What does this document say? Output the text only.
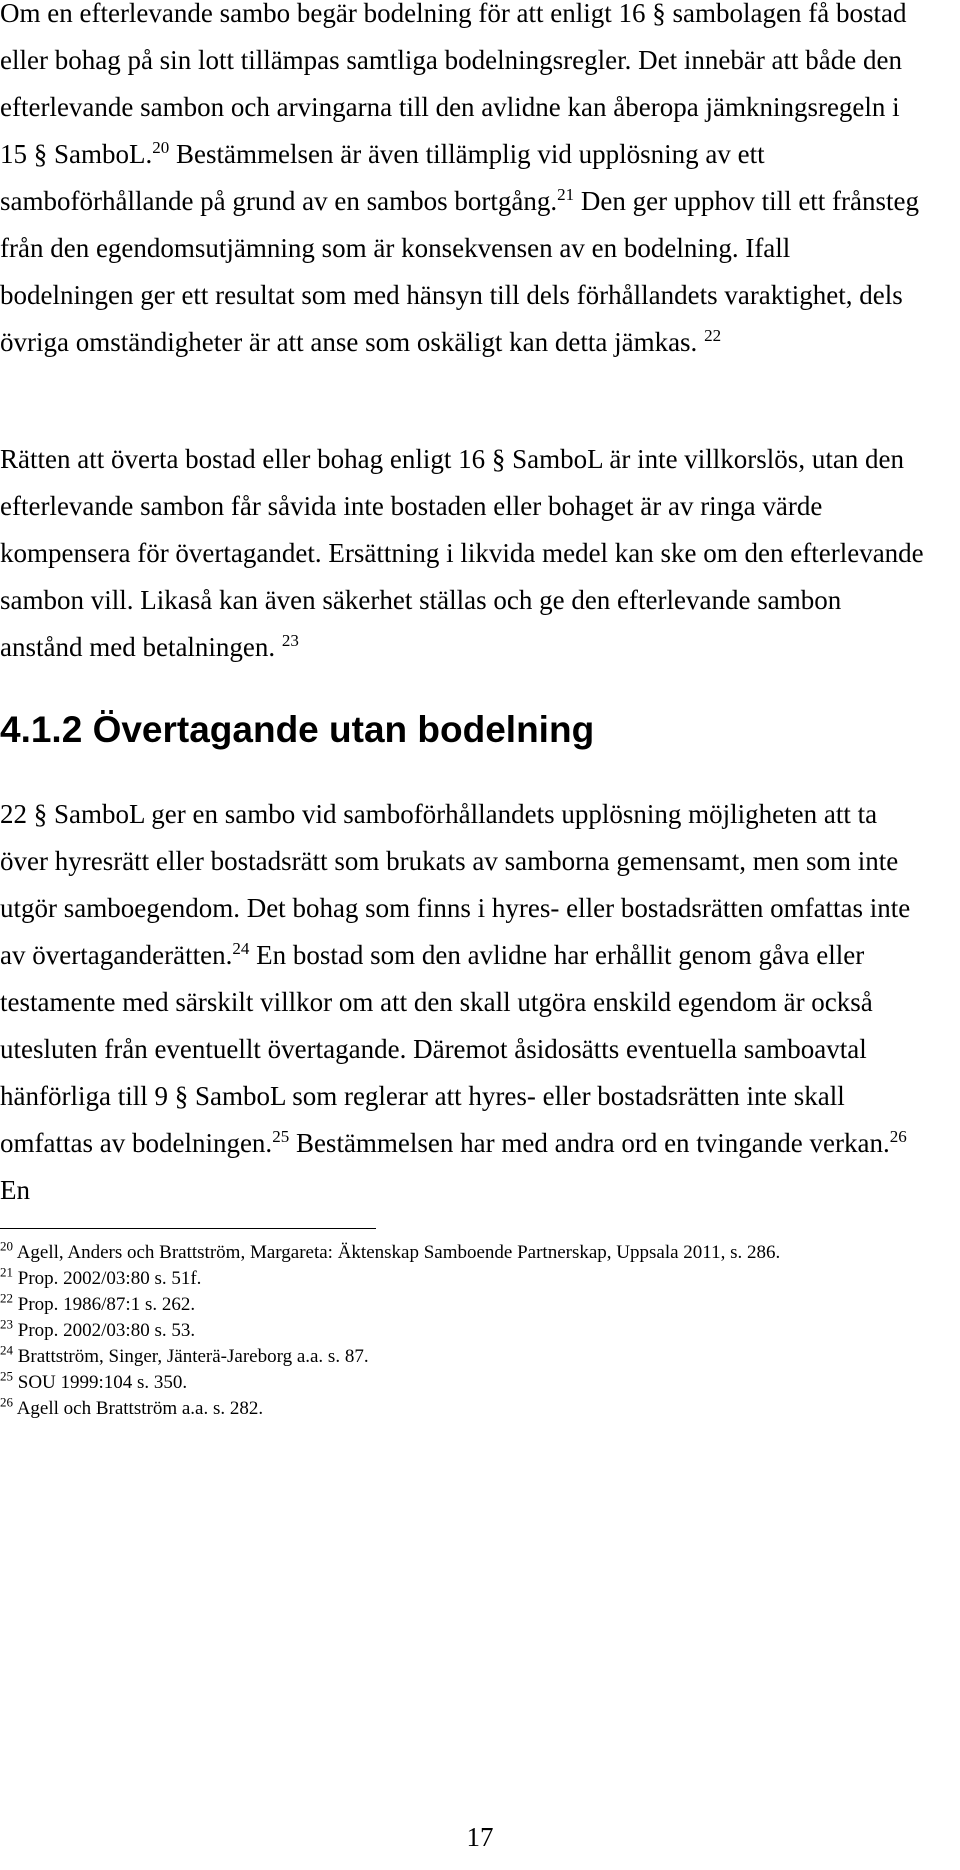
Om en efterlevande sambo begär bodelning för att enligt 16 § sambolagen få bostad eller bohag på sin lott tillämpas samtliga bodelningsregler. Det innebär att både den efterlevande sambon och arvingarna till den avlidne kan åberopa jämkningsregeln i 15 § SamboL.$^{20}$ Bestämmelsen är även tillämplig vid upplösning av ett samboförhållande på grund av en sambos bortgång.$^{21}$ Den ger upphov till ett frånsteg från den egendomsutjämning som är konsekvensen av en bodelning. Ifall bodelningen ger ett resultat som med hänsyn till dels förhållandets varaktighet, dels övriga omständigheter är att anse som oskäligt kan detta jämkas. $^{22}$

Rätten att överta bostad eller bohag enligt 16 § SamboL är inte villkorslös, utan den efterlevande sambon får såvida inte bostaden eller bohaget är av ringa värde kompensera för övertagandet. Ersättning i likvida medel kan ske om den efterlevande sambon vill. Likaså kan även säkerhet ställas och ge den efterlevande sambon anstånd med betalningen. $^{23}$

4.1.2 Övertagande utan bodelning

22 § SamboL ger en sambo vid samboförhållandets upplösning möjligheten att ta över hyresrätt eller bostadsrätt som brukats av samborna gemensamt, men som inte utgör samboegendom. Det bohag som finns i hyres- eller bostadsrätten omfattas inte av övertaganderätten.$^{24}$ En bostad som den avlidne har erhållit genom gåva eller testamente med särskilt villkor om att den skall utgöra enskild egendom är också utesluten från eventuellt övertagande. Däremot åsidosätts eventuella samboavtal hänförliga till 9 § SamboL som reglerar att hyres- eller bostadsrätten inte skall omfattas av bodelningen.$^{25}$ Bestämmelsen har med andra ord en tvingande verkan.$^{26}$ En

$^{20}$ Agell, Anders och Brattström, Margareta: Äktenskap Samboende Partnerskap, Uppsala 2011, s. 286.

$^{21}$ Prop. 2002/03:80 s. 51f.

$^{22}$ Prop. 1986/87:1 s. 262.

$^{23}$ Prop. 2002/03:80 s. 53.

$^{24}$ Brattström, Singer, Jänterä-Jareborg a.a. s. 87.

$^{25}$ SOU 1999:104 s. 350.

$^{26}$ Agell och Brattström a.a. s. 282.

17
